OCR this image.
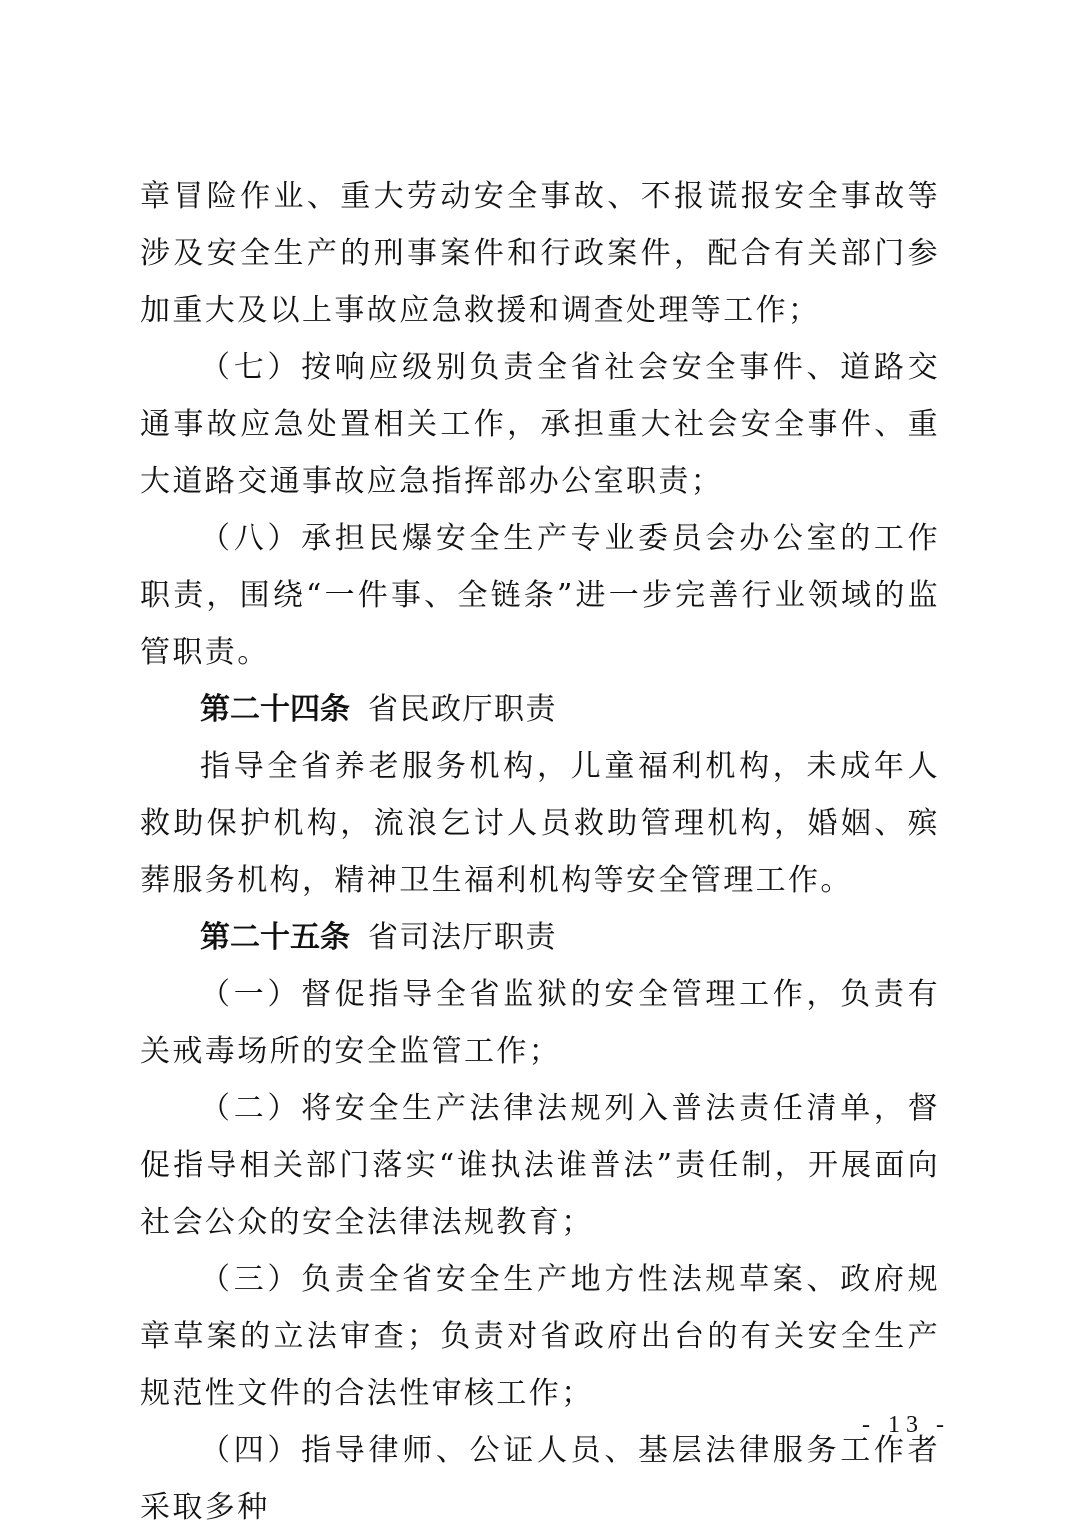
章冒险作业、重大劳动安全事故、不报谎报安全事故等涉及安全生产的刑事案件和行政案件，配合有关部门参加重大及以上事故应急救援和调查处理等工作；

（七）按响应级别负责全省社会安全事件、道路交通事故应急处置相关工作，承担重大社会安全事件、重大道路交通事故应急指挥部办公室职责；

（八）承担民爆安全生产专业委员会办公室的工作职责，围绕“一件事、全链条”进一步完善行业领域的监管职责。

第二十四条 省民政厅职责

指导全省养老服务机构，儿童福利机构，未成年人救助保护机构，流浪乞讨人员救助管理机构，婚姻、殡葬服务机构，精神卫生福利机构等安全管理工作。

第二十五条 省司法厅职责

（一）督促指导全省监狱的安全管理工作，负责有关戒毒场所的安全监管工作；

（二）将安全生产法律法规列入普法责任清单，督促指导相关部门落实“谁执法谁普法”责任制，开展面向社会公众的安全法律法规教育；

（三）负责全省安全生产地方性法规草案、政府规章草案的立法审查；负责对省政府出台的有关安全生产规范性文件的合法性审核工作；

（四）指导律师、公证人员、基层法律服务工作者采取多种

- 13 -
